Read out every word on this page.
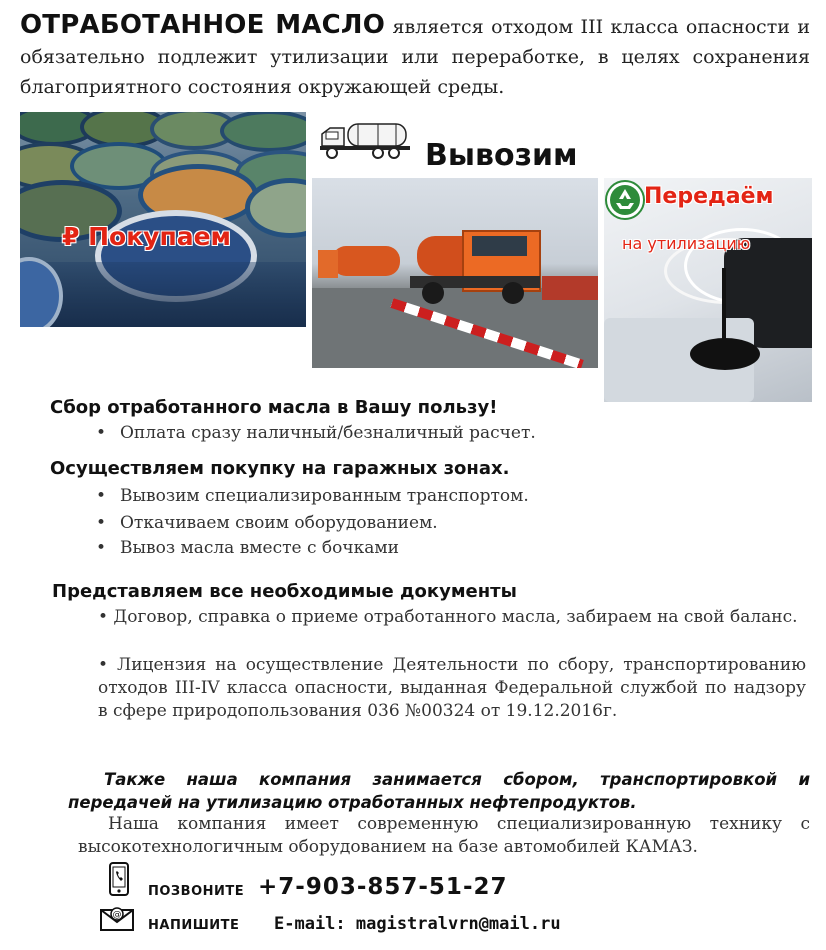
ОТРАБОТАННОЕ МАСЛО является отходом III класса опасности и обязательно подлежит утилизации или переработке, в целях сохранения благоприятного состояния окружающей среды.
₽ Покупаем
Вывозим
Передаём
на утилизацию
Сбор отработанного масла в Вашу пользу!
• Оплата сразу наличный/безналичный расчет.
Осуществляем покупку на гаражных зонах.
• Вывозим специализированным транспортом.
• Откачиваем своим оборудованием.
• Вывоз масла вместе с бочками
Представляем все необходимые документы
• Договор, справка о приеме отработанного масла, забираем на свой баланс.
• Лицензия на осуществление Деятельности по сбору, транспортированию отходов III-IV класса опасности, выданная Федеральной службой по надзору в сфере природопользования 036 №00324 от 19.12.2016г.
Также наша компания занимается сбором, транспортировкой и передачей на утилизацию отработанных нефтепродуктов.
Наша компания имеет современную специализированную технику с высокотехнологичным оборудованием на базе автомобилей КАМАЗ.
ПОЗВОНИТЕ +7-903-857-51-27
@
НАПИШИТЕ E-mail: magistralvrn@mail.ru
